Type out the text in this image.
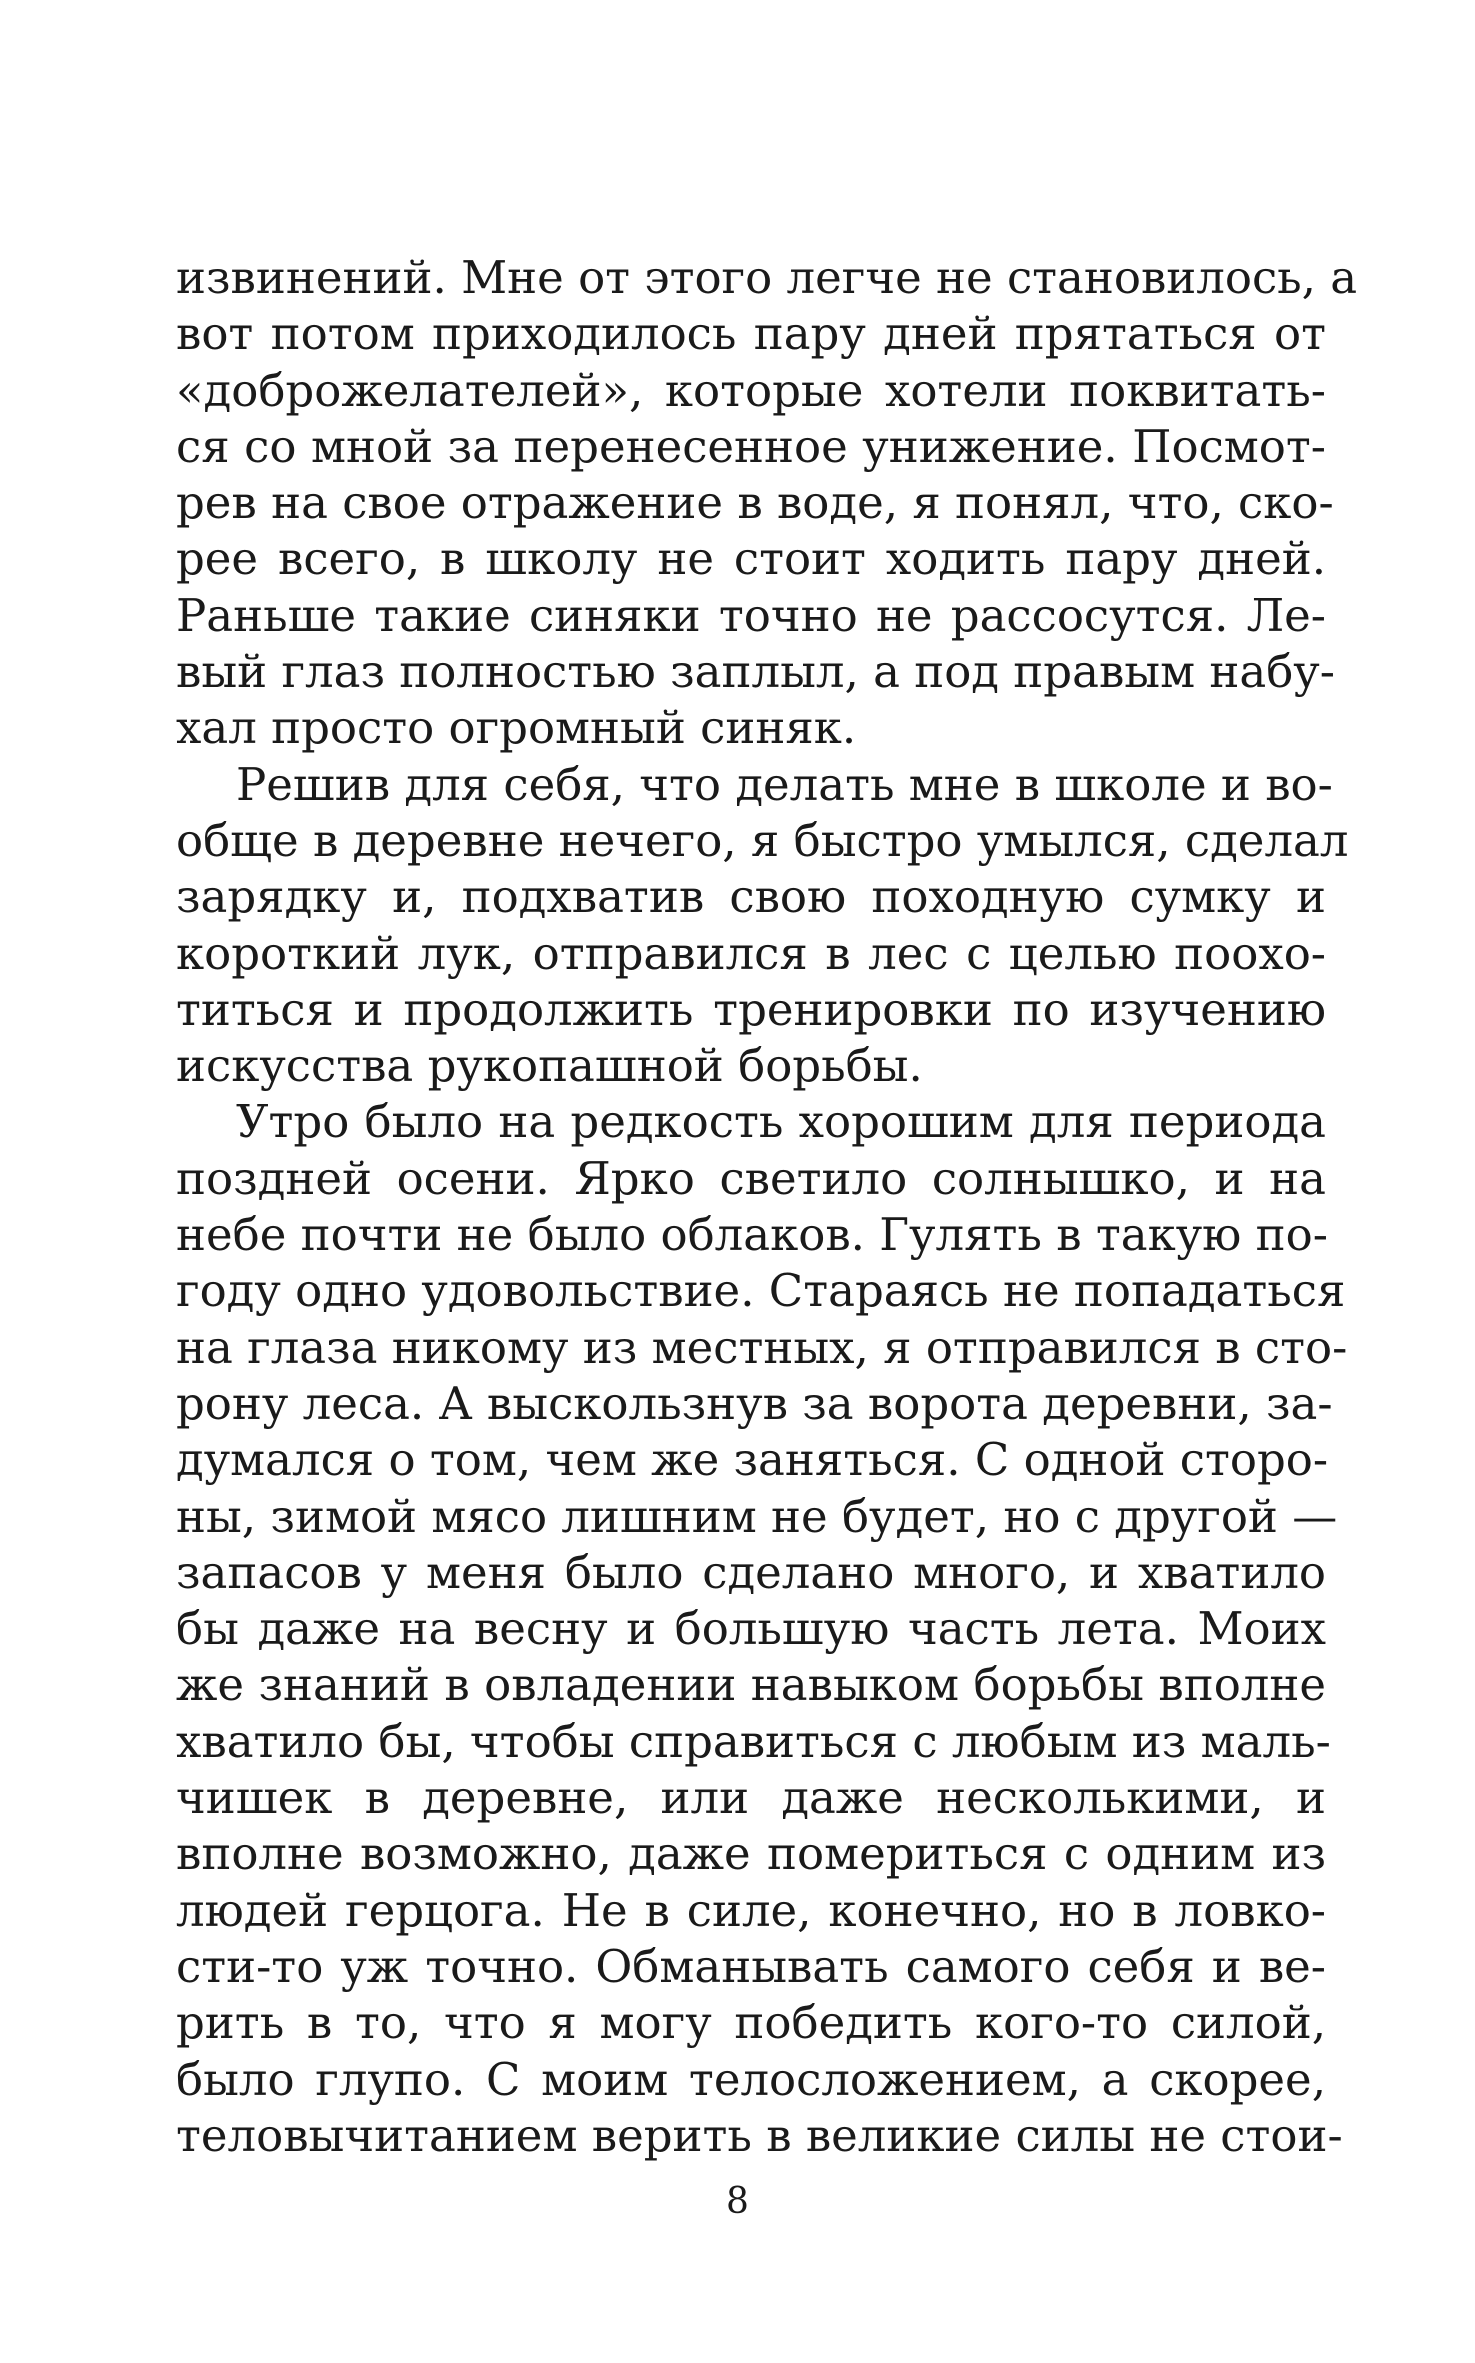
извинений. Мне от этого легче не становилось, а
вот потом приходилось пару дней прятаться от
«доброжелателей», которые хотели поквитать-
ся со мной за перенесенное унижение. Посмот-
рев на свое отражение в воде, я понял, что, ско-
рее всего, в школу не стоит ходить пару дней.
Раньше такие синяки точно не рассосутся. Ле-
вый глаз полностью заплыл, а под правым набу-
хал просто огромный синяк.
Решив для себя, что делать мне в школе и во-
обще в деревне нечего, я быстро умылся, сделал
зарядку и, подхватив свою походную сумку и
короткий лук, отправился в лес с целью поохо-
титься и продолжить тренировки по изучению
искусства рукопашной борьбы.
Утро было на редкость хорошим для периода
поздней осени. Ярко светило солнышко, и на
небе почти не было облаков. Гулять в такую по-
году одно удовольствие. Стараясь не попадаться
на глаза никому из местных, я отправился в сто-
рону леса. А выскользнув за ворота деревни, за-
думался о том, чем же заняться. С одной сторо-
ны, зимой мясо лишним не будет, но с другой —
запасов у меня было сделано много, и хватило
бы даже на весну и большую часть лета. Моих
же знаний в овладении навыком борьбы вполне
хватило бы, чтобы справиться с любым из маль-
чишек в деревне, или даже несколькими, и
вполне возможно, даже помериться с одним из
людей герцога. Не в силе, конечно, но в ловко-
сти-то уж точно. Обманывать самого себя и ве-
рить в то, что я могу победить кого-то силой,
было глупо. С моим телосложением, а скорее,
теловычитанием верить в великие силы не стои-
8
